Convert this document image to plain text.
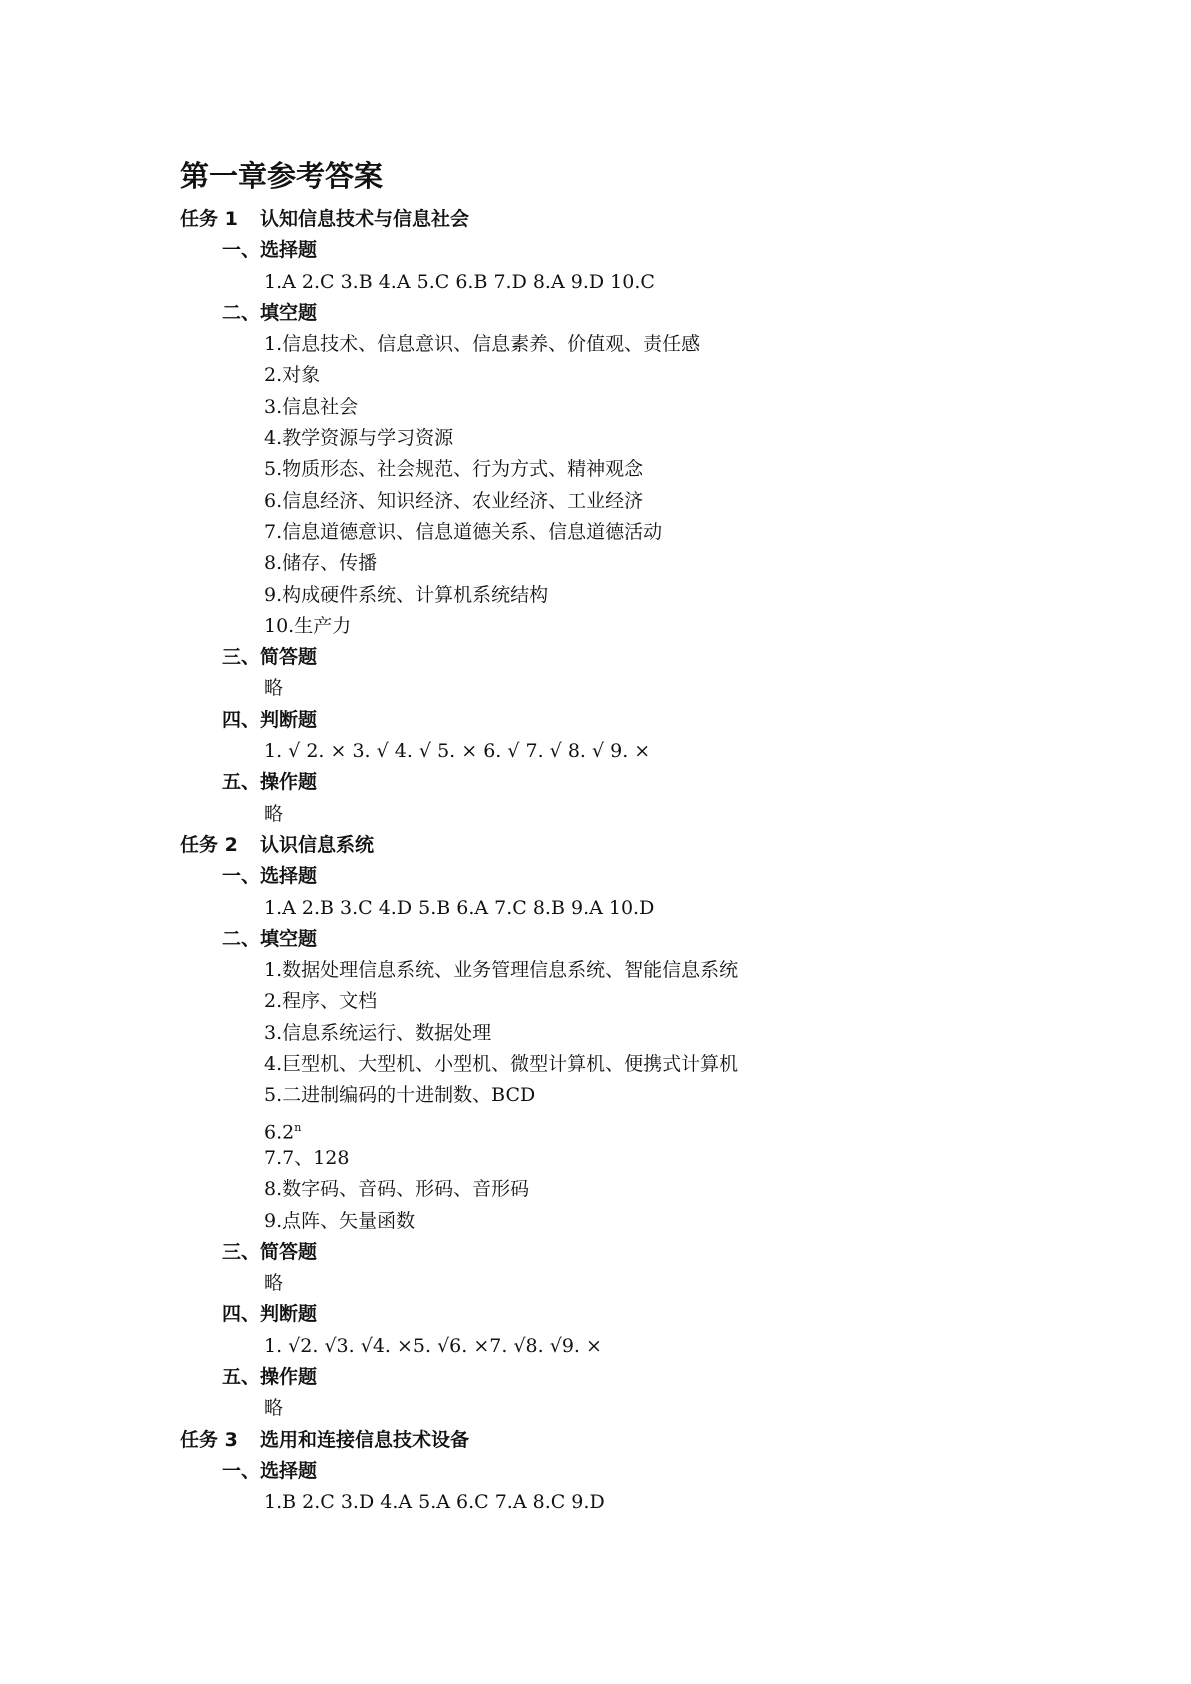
第一章参考答案
任务 1 认知信息技术与信息社会
一、选择题
1.A 2.C 3.B 4.A 5.C 6.B 7.D 8.A 9.D 10.C
二、填空题
1.信息技术、信息意识、信息素养、价值观、责任感
2.对象
3.信息社会
4.教学资源与学习资源
5.物质形态、社会规范、行为方式、精神观念
6.信息经济、知识经济、农业经济、工业经济
7.信息道德意识、信息道德关系、信息道德活动
8.储存、传播
9.构成硬件系统、计算机系统结构
10.生产力
三、简答题
略
四、判断题
1. √ 2. × 3. √ 4. √ 5. × 6. √ 7. √ 8. √ 9. ×
五、操作题
略
任务 2 认识信息系统
一、选择题
1.A 2.B 3.C 4.D 5.B 6.A 7.C 8.B 9.A 10.D
二、填空题
1.数据处理信息系统、业务管理信息系统、智能信息系统
2.程序、文档
3.信息系统运行、数据处理
4.巨型机、大型机、小型机、微型计算机、便携式计算机
5.二进制编码的十进制数、BCD
6.2$^n$
7.7、128
8.数字码、音码、形码、音形码
9.点阵、矢量函数
三、简答题
略
四、判断题
1. √2. √3. √4. ×5. √6. ×7. √8. √9. ×
五、操作题
略
任务 3 选用和连接信息技术设备
一、选择题
1.B 2.C 3.D 4.A 5.A 6.C 7.A 8.C 9.D
